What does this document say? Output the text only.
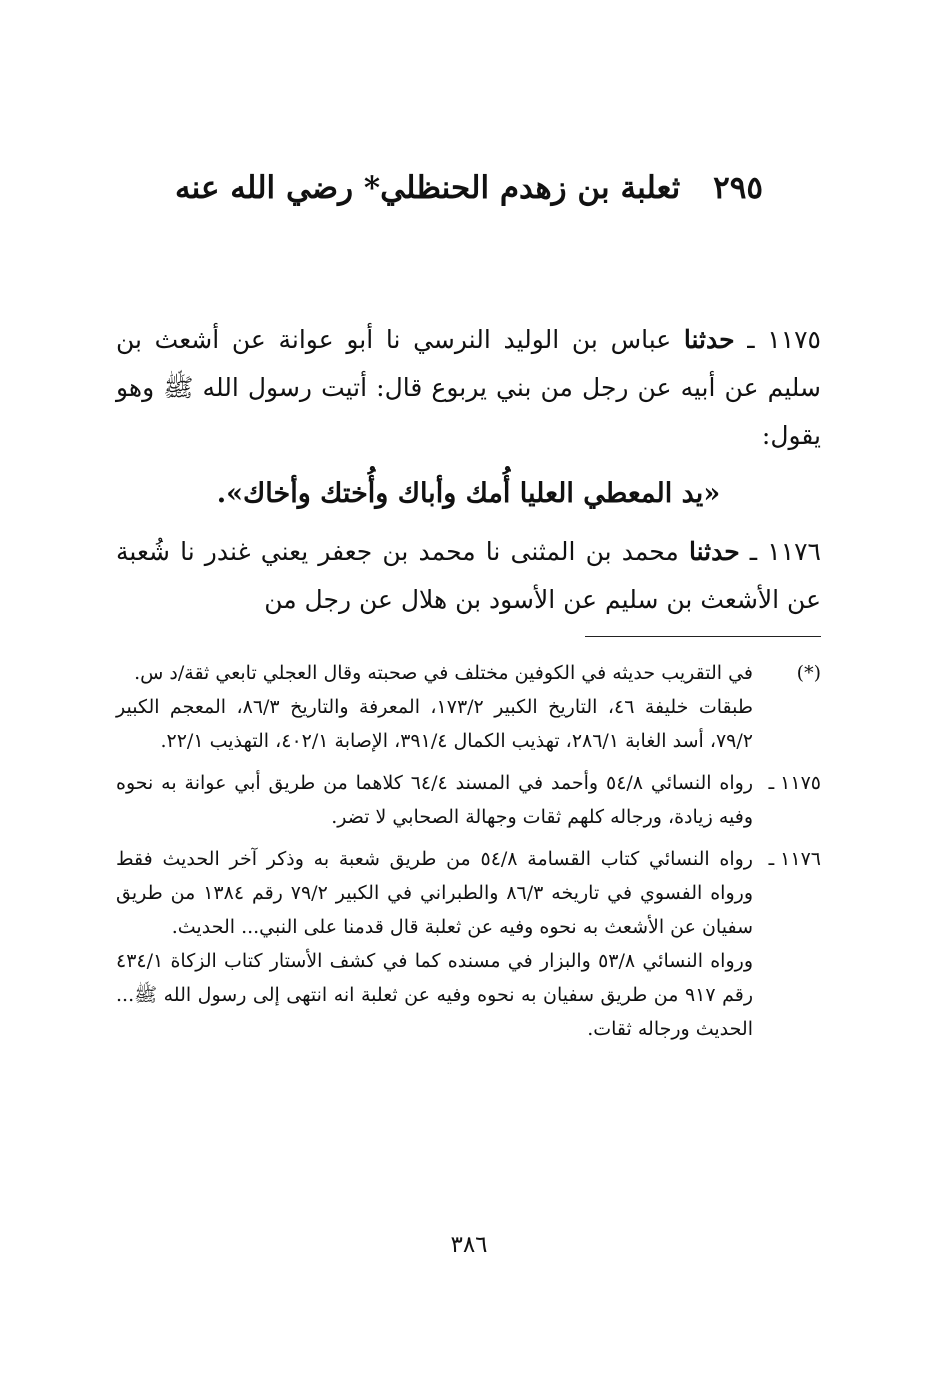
٢٩٥ ثعلبة بن زهدم الحنظلي* رضي الله عنه

١١٧٥ ـ حدثنا عباس بن الوليد النرسي نا أبو عوانة عن أشعث بن سليم عن أبيه عن رجل من بني يربوع قال: أتيت رسول الله ﷺ وهو يقول:

«يد المعطي العليا أُمك وأباك وأُختك وأخاك».

١١٧٦ ـ حدثنا محمد بن المثنى نا محمد بن جعفر يعني غندر نا شُعبة عن الأشعث بن سليم عن الأسود بن هلال عن رجل من

(*)

في التقريب حديثه في الكوفين مختلف في صحبته وقال العجلي تابعي ثقة/د س.

طبقات خليفة ٤٦، التاريخ الكبير ١٧٣/٢، المعرفة والتاريخ ٨٦/٣، المعجم الكبير ٧٩/٢، أسد الغابة ٢٨٦/١، تهذيب الكمال ٣٩١/٤، الإصابة ٤٠٢/١، التهذيب ٢٢/١.

١١٧٥ ـ

رواه النسائي ٥٤/٨ وأحمد في المسند ٦٤/٤ كلاهما من طريق أبي عوانة به نحوه وفيه زيادة، ورجاله كلهم ثقات وجهالة الصحابي لا تضر.

١١٧٦ ـ

رواه النسائي كتاب القسامة ٥٤/٨ من طريق شعبة به وذكر آخر الحديث فقط ورواه الفسوي في تاريخه ٨٦/٣ والطبراني في الكبير ٧٩/٢ رقم ١٣٨٤ من طريق سفيان عن الأشعث به نحوه وفيه عن ثعلبة قال قدمنا على النبي... الحديث.

ورواه النسائي ٥٣/٨ والبزار في مسنده كما في كشف الأستار كتاب الزكاة ٤٣٤/١ رقم ٩١٧ من طريق سفيان به نحوه وفيه عن ثعلبة انه انتهى إلى رسول الله ﷺ... الحديث ورجاله ثقات.

٣٨٦
